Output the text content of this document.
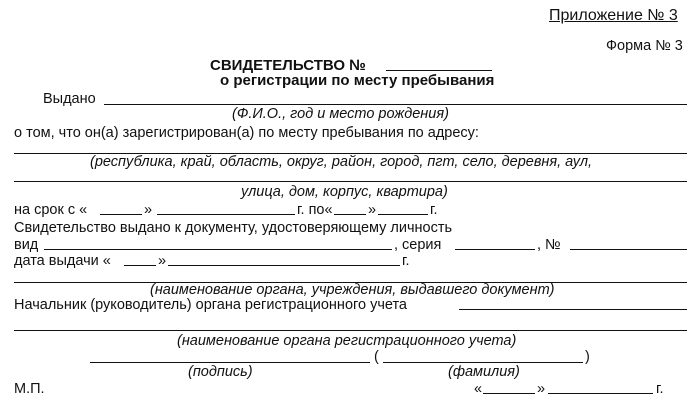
Приложение № 3
Форма № 3
СВИДЕТЕЛЬСТВО №
о регистрации по месту пребывания
Выдано
(Ф.И.О., год и место рождения)
о том, что он(а) зарегистрирован(а) по месту пребывания по адресу:
(республика, край, область, округ, район, город, пгт, село, деревня, аул,
улица, дом, корпус, квартира)
на срок с «	»	г. по« »	г.
Свидетельство выдано к документу, удостоверяющему личность
вид	, серия	, №
дата выдачи «	»	г.
(наименование органа, учреждения, выдавшего документ)
Начальник (руководитель) органа регистрационного учета
(наименование органа регистрационного учета)
(	)
(подпись)	(фамилия)
М.П.	«	»	г.
